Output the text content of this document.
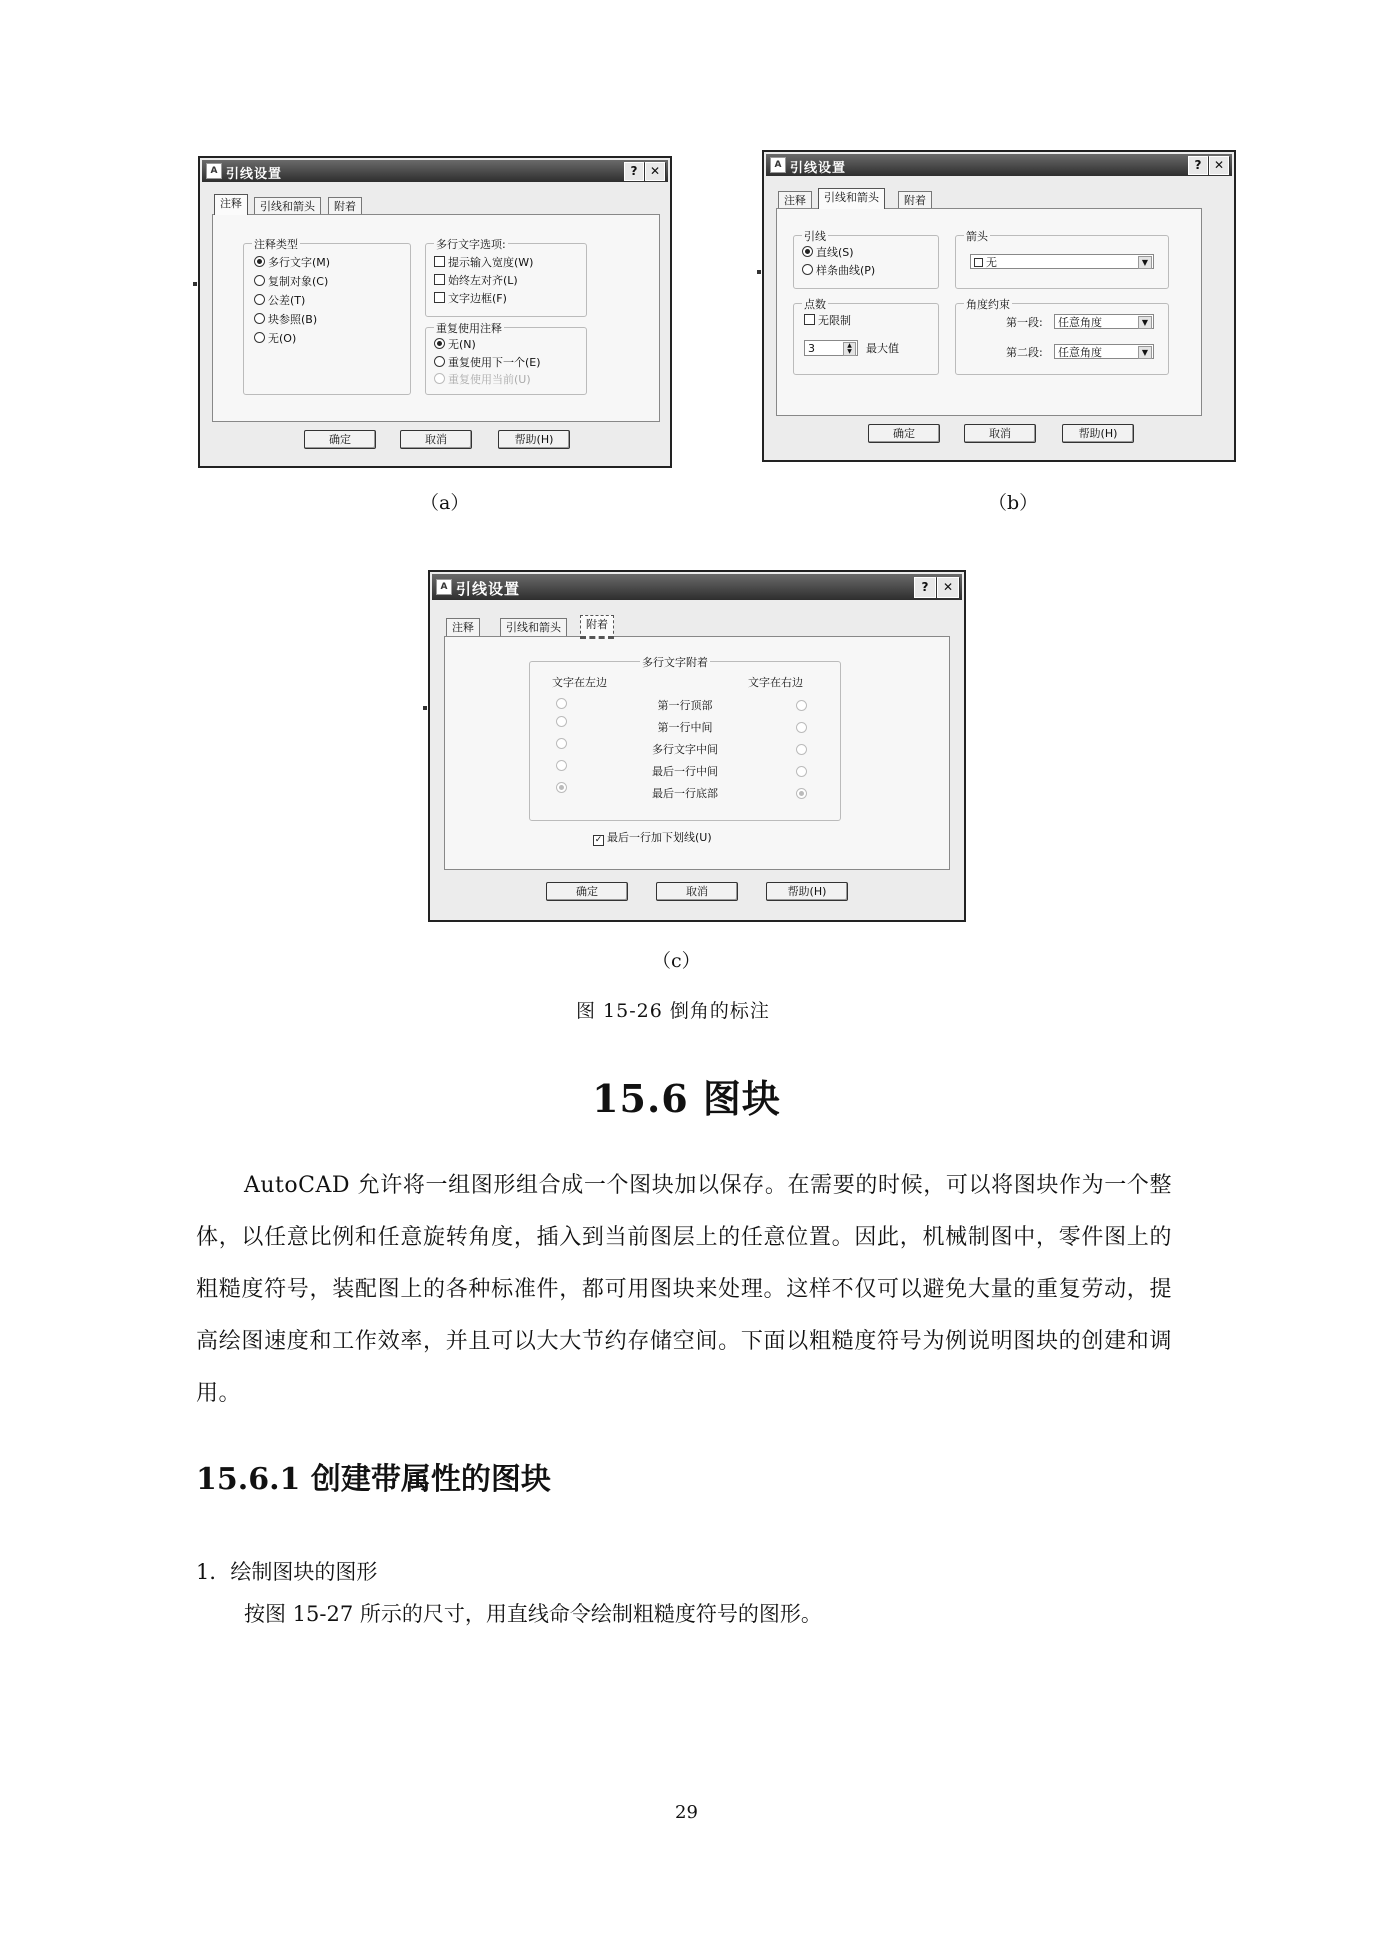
A 引线设置	?	✕
注释	引线和箭头	附着
注释类型
多行文字(M)
复制对象(C)
公差(T)
块参照(B)
无(O)
多行文字选项:
提示输入宽度(W)
始终左对齐(L)
文字边框(F)
重复使用注释
无(N)
重复使用下一个(E)
重复使用当前(U)
确定	取消	帮助(H)
（a）
A 引线设置	?	✕
注释	引线和箭头	附着
引线
直线(S)
样条曲线(P)
箭头
无	▼
点数
无限制
3	▲
▼	最大值
角度约束
第一段:	任意角度	▼
第二段:	任意角度	▼
确定	取消	帮助(H)
（b）
A 引线设置	?	✕
注释	引线和箭头	附着
多行文字附着
文字在左边	文字在右边
第一行顶部
第一行中间
多行文字中间
最后一行中间
最后一行底部
✓ 最后一行加下划线(U)
确定	取消	帮助(H)
（c）
图 15-26 倒角的标注
15.6 图块
AutoCAD 允许将一组图形组合成一个图块加以保存。在需要的时候，可以将图块作为一个整体，以任意比例和任意旋转角度，插入到当前图层上的任意位置。因此，机械制图中，零件图上的粗糙度符号，装配图上的各种标准件，都可用图块来处理。这样不仅可以避免大量的重复劳动，提高绘图速度和工作效率，并且可以大大节约存储空间。下面以粗糙度符号为例说明图块的创建和调用。
15.6.1 创建带属性的图块
1．绘制图块的图形
按图 15-27 所示的尺寸，用直线命令绘制粗糙度符号的图形。
29
